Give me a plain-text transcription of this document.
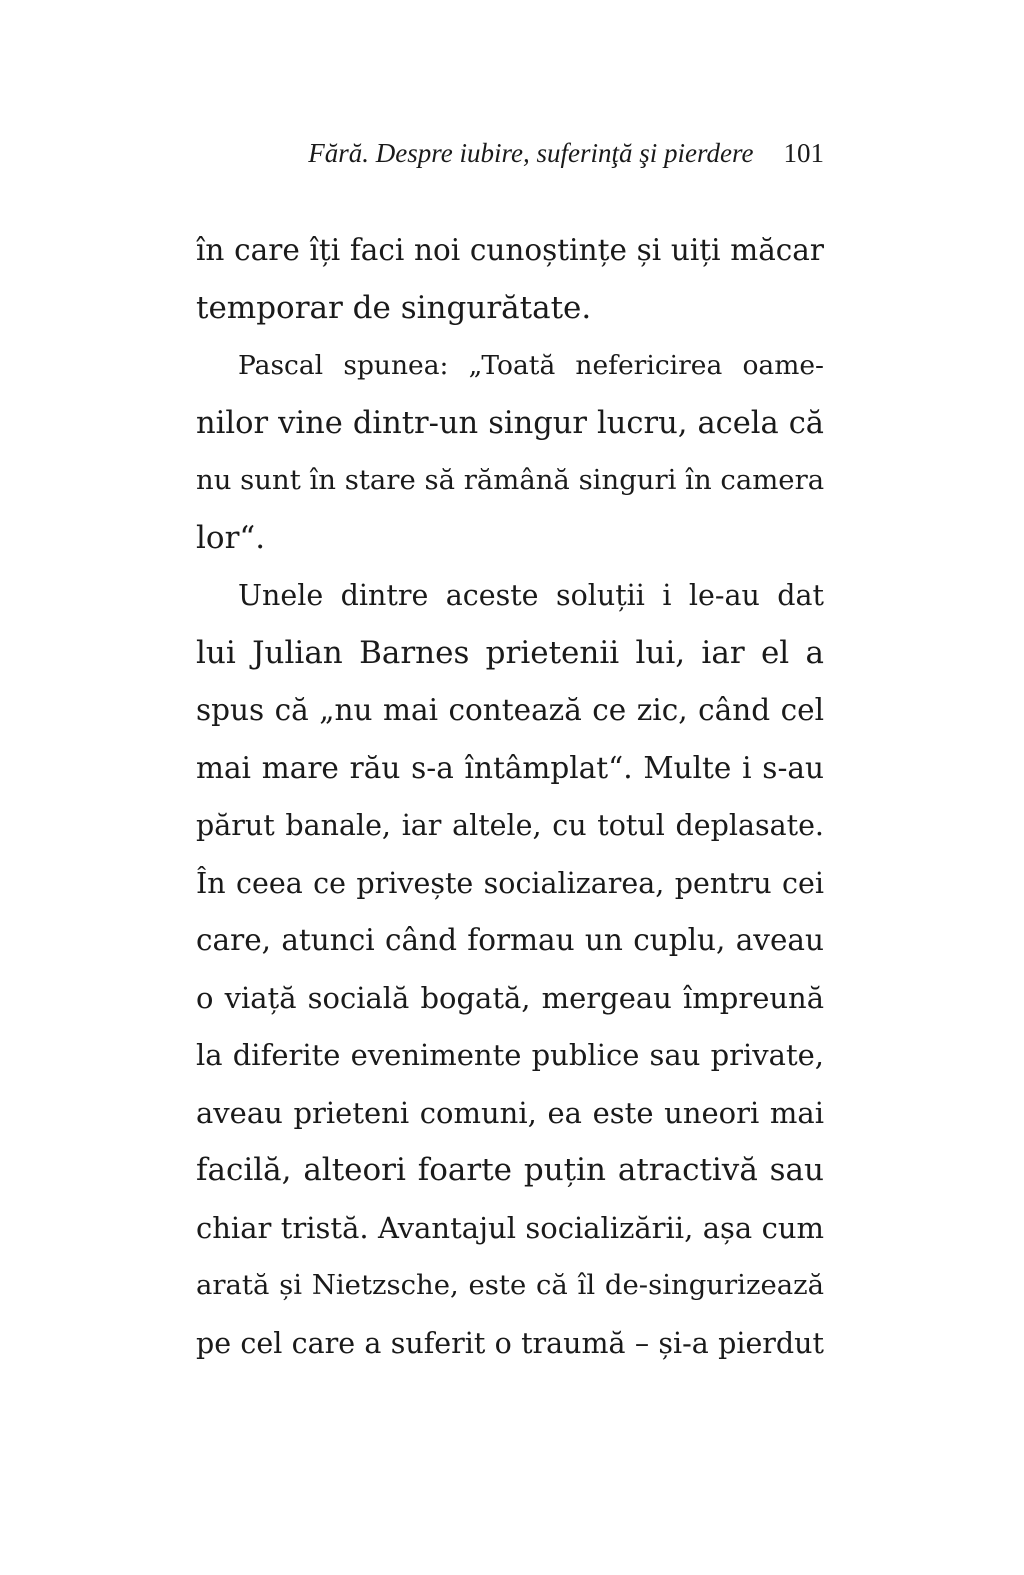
Fără. Despre iubire, suferinţă şi pierdere 101
în care îți faci noi cunoștințe și uiți măcar
temporar de singurătate.
Pascal spunea: „Toată nefericirea oame-
nilor vine dintr-un singur lucru, acela că
nu sunt în stare să rămână singuri în camera
lor“.
Unele dintre aceste soluții i le-au dat
lui Julian Barnes prietenii lui, iar el a
spus că „nu mai contează ce zic, când cel
mai mare rău s-a întâmplat“. Multe i s-au
părut banale, iar altele, cu totul deplasate.
În ceea ce privește socializarea, pentru cei
care, atunci când formau un cuplu, aveau
o viață socială bogată, mergeau împreună
la diferite evenimente publice sau private,
aveau prieteni comuni, ea este uneori mai
facilă, alteori foarte puțin atractivă sau
chiar tristă. Avantajul socializării, așa cum
arată și Nietzsche, este că îl de-singurizează
pe cel care a suferit o traumă – și-a pierdut
